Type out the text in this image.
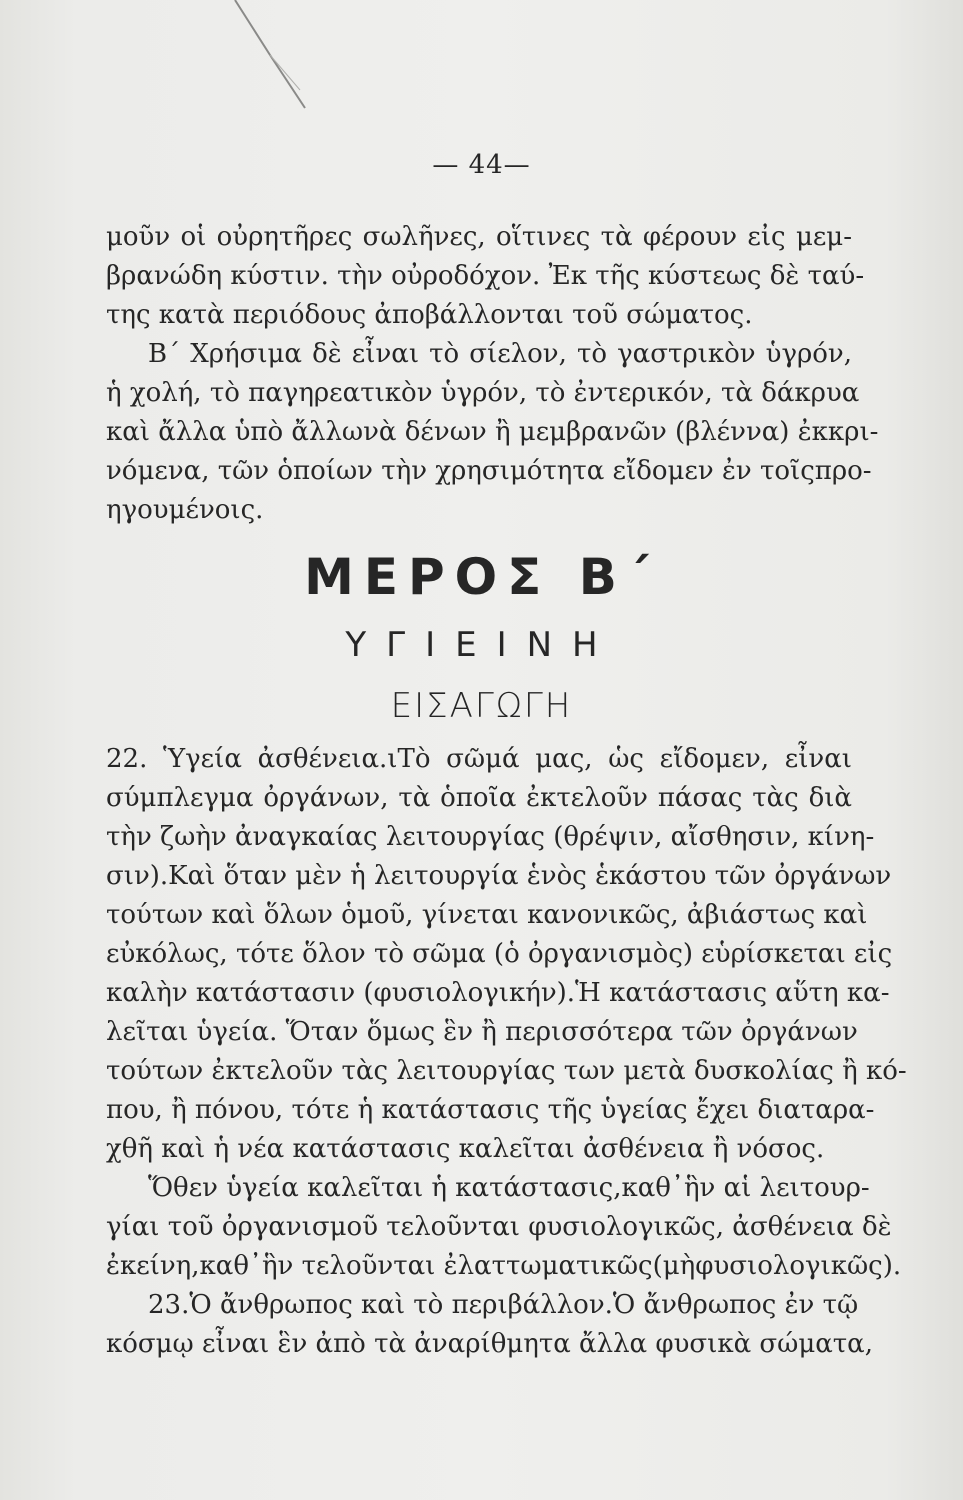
— 44—
μοῦν οἱ οὐρητῆρες σωλῆνες, οἵτινες τὰ φέρουν εἰς μεμ-
βρανώδη κύστιν. τὴν οὐροδόχον. Ἐκ τῆς κύστεως δὲ ταύ-
της κατὰ περιόδους ἀποβάλλονται τοῦ σώματος.
Β΄ Χρήσιμα δὲ εἶναι τὸ σίελον, τὸ γαστρικὸν ὑγρόν,
ἡ χολή, τὸ παγηρεατικὸν ὑγρόν, τὸ ἐντερικόν, τὰ δάκρυα
καὶ ἄλλα ὑπὸ ἄλλωνὰ δένων ἢ μεμβρανῶν (βλέννα) ἐκκρι-
νόμενα, τῶν ὁποίων τὴν χρησιμότητα εἴδομεν ἐν τοῖςπρο-
ηγουμένοις.
ΜΕΡΟΣ Β΄
ΥΓΙΕΙΝΗ
ΕΙΣΑΓΩΓΗ
22. Ὑγεία ἀσθένεια.ιΤὸ σῶμά μας, ὡς εἴδομεν, εἶναι
σύμπλεγμα ὀργάνων, τὰ ὁποῖα ἐκτελοῦν πάσας τὰς διὰ
τὴν ζωὴν ἀναγκαίας λειτουργίας (θρέψιν, αἴσθησιν, κίνη-
σιν).Καὶ ὅταν μὲν ἡ λειτουργία ἑνὸς ἑκάστου τῶν ὀργάνων
τούτων καὶ ὅλων ὁμοῦ, γίνεται κανονικῶς, ἀβιάστως καὶ
εὐκόλως, τότε ὅλον τὸ σῶμα (ὁ ὀργανισμὸς) εὑρίσκεται εἰς
καλὴν κατάστασιν (φυσιολογικήν).Ἡ κατάστασις αὕτη κα-
λεῖται ὑγεία. Ὅταν ὅμως ἓν ἢ περισσότερα τῶν ὀργάνων
τούτων ἐκτελοῦν τὰς λειτουργίας των μετὰ δυσκολίας ἢ κό-
που, ἢ πόνου, τότε ἡ κατάστασις τῆς ὑγείας ἔχει διαταρα-
χθῆ καὶ ἡ νέα κατάστασις καλεῖται ἀσθένεια ἢ νόσος.
Ὅθεν ὑγεία καλεῖται ἡ κατάστασις,καθ᾿ἣν αἱ λειτουρ-
γίαι τοῦ ὀργανισμοῦ τελοῦνται φυσιολογικῶς, ἀσθένεια δὲ
ἐκείνη,καθ᾿ἣν τελοῦνται ἐλαττωματικῶς(μὴφυσιολογικῶς).
23.Ὁ ἄνθρωπος καὶ τὸ περιβάλλον.Ὁ ἄνθρωπος ἐν τῷ
κόσμῳ εἶναι ἓν ἀπὸ τὰ ἀναρίθμητα ἄλλα φυσικὰ σώματα,
